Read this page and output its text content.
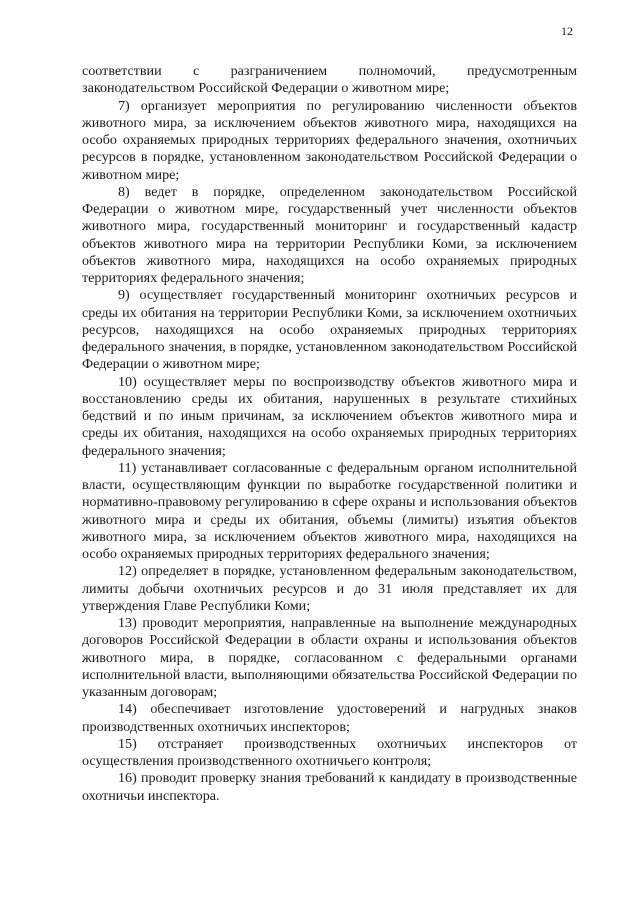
12

соответствии с разграничением полномочий, предусмотренным законодательством Российской Федерации о животном мире;

7) организует мероприятия по регулированию численности объектов животного мира, за исключением объектов животного мира, находящихся на особо охраняемых природных территориях федерального значения, охотничьих ресурсов в порядке, установленном законодательством Российской Федерации о животном мире;

8) ведет в порядке, определенном законодательством Российской Федерации о животном мире, государственный учет численности объектов животного мира, государственный мониторинг и государственный кадастр объектов животного мира на территории Республики Коми, за исключением объектов животного мира, находящихся на особо охраняемых природных территориях федерального значения;

9) осуществляет государственный мониторинг охотничьих ресурсов и среды их обитания на территории Республики Коми, за исключением охотничьих ресурсов, находящихся на особо охраняемых природных территориях федерального значения, в порядке, установленном законодательством Российской Федерации о животном мире;

10) осуществляет меры по воспроизводству объектов животного мира и восстановлению среды их обитания, нарушенных в результате стихийных бедствий и по иным причинам, за исключением объектов животного мира и среды их обитания, находящихся на особо охраняемых природных территориях федерального значения;

11) устанавливает согласованные с федеральным органом исполнительной власти, осуществляющим функции по выработке государственной политики и нормативно-правовому регулированию в сфере охраны и использования объектов животного мира и среды их обитания, объемы (лимиты) изъятия объектов животного мира, за исключением объектов животного мира, находящихся на особо охраняемых природных территориях федерального значения;

12) определяет в порядке, установленном федеральным законодательством, лимиты добычи охотничьих ресурсов и до 31 июля представляет их для утверждения Главе Республики Коми;

13) проводит мероприятия, направленные на выполнение международных договоров Российской Федерации в области охраны и использования объектов животного мира, в порядке, согласованном с федеральными органами исполнительной власти, выполняющими обязательства Российской Федерации по указанным договорам;

14) обеспечивает изготовление удостоверений и нагрудных знаков производственных охотничьих инспекторов;

15) отстраняет производственных охотничьих инспекторов от осуществления производственного охотничьего контроля;

16) проводит проверку знания требований к кандидату в производственные охотничьи инспектора.
